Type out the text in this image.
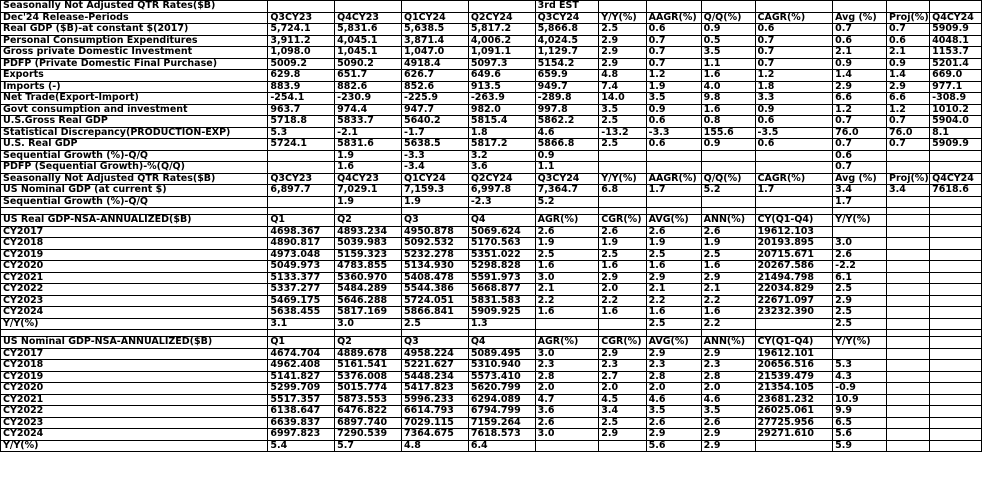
Seasonally Not Adjusted QTR Rates($B)					3rd EST							
Dec'24 Release-Periods	Q3CY23	Q4CY23	Q1CY24	Q2CY24	Q3CY24	Y/Y(%)	AAGR(%)	Q/Q(%)	CAGR(%)	Avg (%)	Proj(%)	Q4CY24
Real GDP ($B)-at constant $(2017)	5,724.1	5,831.6	5,638.5	5,817.2	5,866.8	2.5	0.6	0.9	0.6	0.7	0.7	5909.9
Personal Consumption Expenditures	3,911.2	4,045.1	3,871.4	4,006.2	4,024.5	2.9	0.7	0.5	0.7	0.6	0.6	4048.1
Gross private Domestic Investment	1,098.0	1,045.1	1,047.0	1,091.1	1,129.7	2.9	0.7	3.5	0.7	2.1	2.1	1153.7
PDFP (Private Domestic Final Purchase)	5009.2	5090.2	4918.4	5097.3	5154.2	2.9	0.7	1.1	0.7	0.9	0.9	5201.4
Exports	629.8	651.7	626.7	649.6	659.9	4.8	1.2	1.6	1.2	1.4	1.4	669.0
Imports (-)	883.9	882.6	852.6	913.5	949.7	7.4	1.9	4.0	1.8	2.9	2.9	977.1
Net Trade(Export-Import)	-254.1	-230.9	-225.9	-263.9	-289.8	14.0	3.5	9.8	3.3	6.6	6.6	-308.9
Govt consumption and investment	963.7	974.4	947.7	982.0	997.8	3.5	0.9	1.6	0.9	1.2	1.2	1010.2
U.S.Gross Real GDP	5718.8	5833.7	5640.2	5815.4	5862.2	2.5	0.6	0.8	0.6	0.7	0.7	5904.0
Statistical Discrepancy(PRODUCTION-EXP)	5.3	-2.1	-1.7	1.8	4.6	-13.2	-3.3	155.6	-3.5	76.0	76.0	8.1
U.S. Real GDP	5724.1	5831.6	5638.5	5817.2	5866.8	2.5	0.6	0.9	0.6	0.7	0.7	5909.9
Sequential Growth (%)-Q/Q		1.9	-3.3	3.2	0.9					0.6		
PDFP (Sequential Growth)-%(Q/Q)		1.6	-3.4	3.6	1.1					0.7		
Seasonally Not Adjusted QTR Rates($B)	Q3CY23	Q4CY23	Q1CY24	Q2CY24	Q3CY24	Y/Y(%)	AAGR(%)	Q/Q(%)	CAGR(%)	Avg (%)	Proj(%)	Q4CY24
US Nominal GDP (at current $)	6,897.7	7,029.1	7,159.3	6,997.8	7,364.7	6.8	1.7	5.2	1.7	3.4	3.4	7618.6
Sequential Growth (%)-Q/Q		1.9	1.9	-2.3	5.2					1.7		

US Real GDP-NSA-ANNUALIZED($B)	Q1	Q2	Q3	Q4	AGR(%)	CGR(%)	AVG(%)	ANN(%)	CY(Q1-Q4)	Y/Y(%)		
CY2017	4698.367	4893.234	4950.878	5069.624	2.6	2.6	2.6	2.6	19612.103			
CY2018	4890.817	5039.983	5092.532	5170.563	1.9	1.9	1.9	1.9	20193.895	3.0		
CY2019	4973.048	5159.323	5232.278	5351.022	2.5	2.5	2.5	2.5	20715.671	2.6		
CY2020	5049.973	4783.855	5134.930	5298.828	1.6	1.6	1.6	1.6	20267.586	-2.2		
CY2021	5133.377	5360.970	5408.478	5591.973	3.0	2.9	2.9	2.9	21494.798	6.1		
CY2022	5337.277	5484.289	5544.386	5668.877	2.1	2.0	2.1	2.1	22034.829	2.5		
CY2023	5469.175	5646.288	5724.051	5831.583	2.2	2.2	2.2	2.2	22671.097	2.9		
CY2024	5638.455	5817.169	5866.841	5909.925	1.6	1.6	1.6	1.6	23232.390	2.5		
Y/Y(%)	3.1	3.0	2.5	1.3			2.5	2.2		2.5		

US Nominal GDP-NSA-ANNUALIZED($B)	Q1	Q2	Q3	Q4	AGR(%)	CGR(%)	AVG(%)	ANN(%)	CY(Q1-Q4)	Y/Y(%)		
CY2017	4674.704	4889.678	4958.224	5089.495	3.0	2.9	2.9	2.9	19612.101			
CY2018	4962.408	5161.541	5221.627	5310.940	2.3	2.3	2.3	2.3	20656.516	5.3		
CY2019	5141.827	5376.008	5448.234	5573.410	2.8	2.7	2.8	2.8	21539.479	4.3		
CY2020	5299.709	5015.774	5417.823	5620.799	2.0	2.0	2.0	2.0	21354.105	-0.9		
CY2021	5517.357	5873.553	5996.233	6294.089	4.7	4.5	4.6	4.6	23681.232	10.9		
CY2022	6138.647	6476.822	6614.793	6794.799	3.6	3.4	3.5	3.5	26025.061	9.9		
CY2023	6639.837	6897.740	7029.115	7159.264	2.6	2.5	2.6	2.6	27725.956	6.5		
CY2024	6997.823	7290.539	7364.675	7618.573	3.0	2.9	2.9	2.9	29271.610	5.6		
Y/Y(%)	5.4	5.7	4.8	6.4			5.6	2.9		5.9		
